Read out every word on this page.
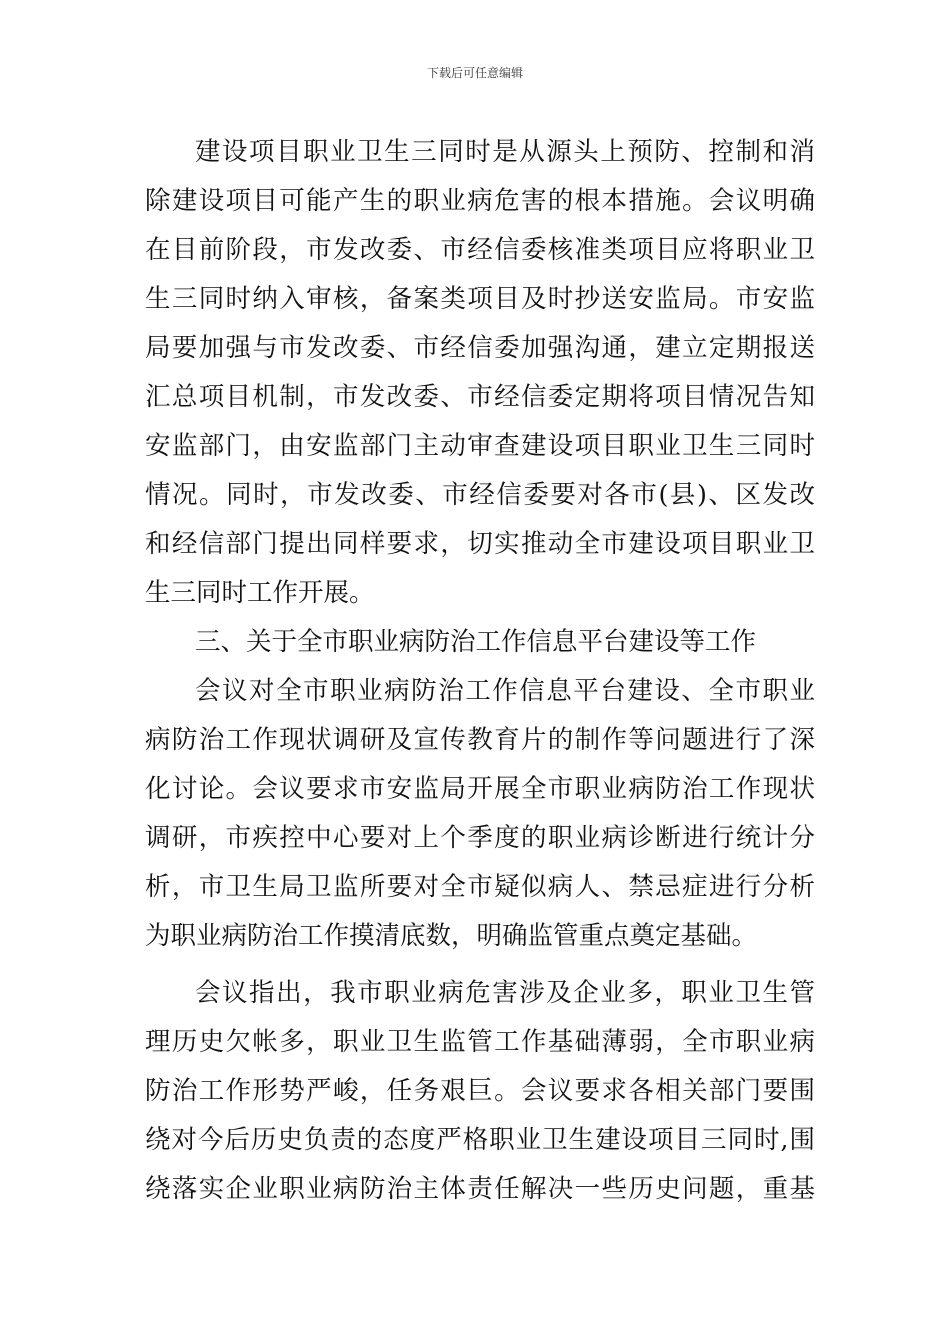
下载后可任意编辑
建设项目职业卫生三同时是从源头上预防、控制和消
除建设项目可能产生的职业病危害的根本措施。会议明确
在目前阶段，市发改委、市经信委核准类项目应将职业卫
生三同时纳入审核，备案类项目及时抄送安监局。市安监
局要加强与市发改委、市经信委加强沟通，建立定期报送
汇总项目机制，市发改委、市经信委定期将项目情况告知
安监部门，由安监部门主动审查建设项目职业卫生三同时
情况。同时，市发改委、市经信委要对各市(县)、区发改
和经信部门提出同样要求，切实推动全市建设项目职业卫
生三同时工作开展。
三、关于全市职业病防治工作信息平台建设等工作
会议对全市职业病防治工作信息平台建设、全市职业
病防治工作现状调研及宣传教育片的制作等问题进行了深
化讨论。会议要求市安监局开展全市职业病防治工作现状
调研，市疾控中心要对上个季度的职业病诊断进行统计分
析，市卫生局卫监所要对全市疑似病人、禁忌症进行分析
为职业病防治工作摸清底数，明确监管重点奠定基础。
会议指出，我市职业病危害涉及企业多，职业卫生管
理历史欠帐多，职业卫生监管工作基础薄弱，全市职业病
防治工作形势严峻，任务艰巨。会议要求各相关部门要围
绕对今后历史负责的态度严格职业卫生建设项目三同时,围
绕落实企业职业病防治主体责任解决一些历史问题，重基
